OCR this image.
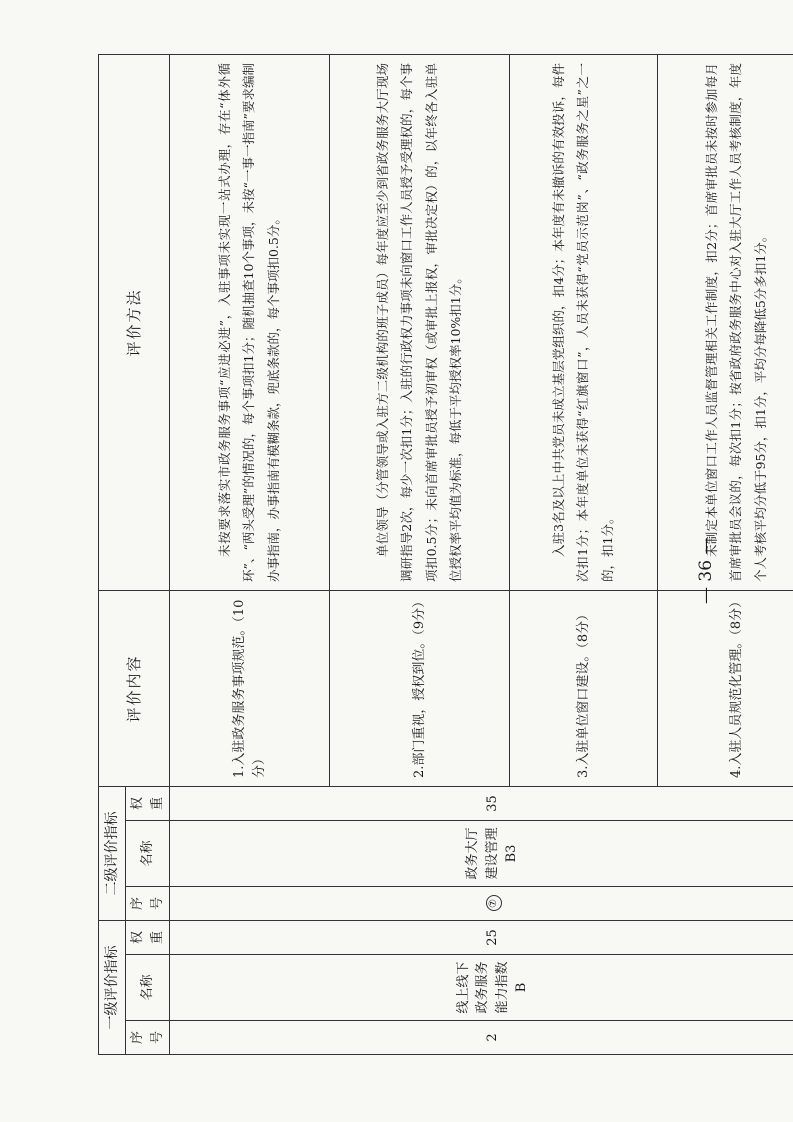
一级评价指标			二级评价指标			评价内容	评价方法
序号	名称	权重	序号	名称	权重		
2	线上线下政务服务能力指数B	25	⑦	政务大厅建设管理B3	35	1.入驻政务服务事项规范。（10分）	未按要求落实市政务服务事项“应进必进”，入驻事项未实现一站式办理，存在“体外循环”、“两头受理”的情况的，每个事项扣1分；随机抽查10个事项，未按“一事一指南”要求编制办事指南，办事指南有模糊条款，兜底条款的，每个事项扣0.5分。

						2.部门重视，授权到位。（9分）	单位领导（分管领导或入驻方二级机构的班子成员）每年度应至少到省政务服务大厅现场调研指导2次，每少一次扣1分；入驻的行政权力事项未向窗口工作人员授予受理权的，每个事项扣0.5分；未向首席审批员授予初审权（或审批上报权，审批决定权）的，以年终各入驻单位授权率平均值为标准，每低于平均授权率10%扣1分。

						3.入驻单位窗口建设。（8分）	入驻3名及以上中共党员未成立基层党组织的，扣4分；本年度有未撤诉的有效投诉，每件次扣1分；本年度单位未获得“红旗窗口”，人员未获得“党员示范岗”、“政务服务之星”之一的，扣1分。

						4.入驻人员规范化管理。（8分）	未制定本单位窗口工作人员监督管理相关工作制度，扣2分；首席审批员未按时参加每月首席审批员会议的，每次扣1分；按省政府政务服务中心对入驻大厅工作人员考核制度，年度个人考核平均分低于95分，扣1分，平均分每降低5分多扣1分。

— 36 —
